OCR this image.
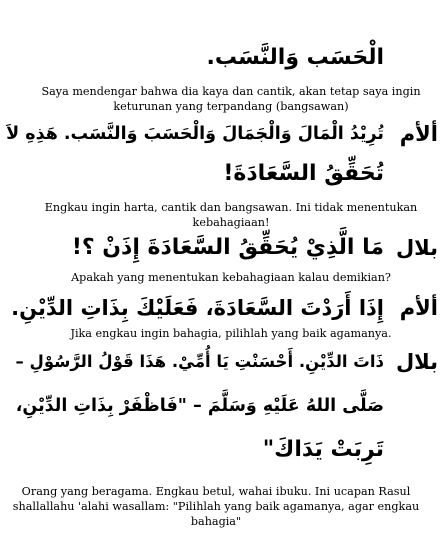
الْحَسَب وَالنَّسَب.

Saya mendengar bahwa dia kaya dan cantik, akan tetap saya ingin keturunan yang terpandang (bangsawan)

ألأم

تُرِيْدُ الْمَالَ وَالْجَمَالَ وَالْحَسَبَ وَالنَّسَب. هَذِهِ لاَ

تُحَقِّقُ السَّعَادَةَ!

Engkau ingin harta, cantik dan bangsawan. Ini tidak menentukan kebahagiaan!

بلال

مَا الَّذِيْ يُحَقِّقُ السَّعَادَةَ إِذَنْ ؟!

Apakah yang menentukan kebahagiaan kalau demikian?

ألأم

إِذَا أَرَدْتَ السَّعَادَةَ، فَعَلَيْكَ بِذَاتِ الدِّيْنِ.

Jika engkau ingin bahagia, pilihlah yang baik agamanya.

بلال

ذَاتَ الدِّيْنِ. أَحْسَنْتِ يَا أُمِّيْ. هَذَا قَوْلُ الرَّسُوْلِ –

صَلَّى اللهُ عَلَيْهِ وَسَلَّمَ – "فَاظْفَرْ بِذَاتِ الدِّيْنِ،

تَرِبَتْ يَدَاكَ"

Orang yang beragama. Engkau betul, wahai ibuku. Ini ucapan Rasul shallallahu 'alahi wasallam: "Pilihlah yang baik agamanya, agar engkau bahagia"
